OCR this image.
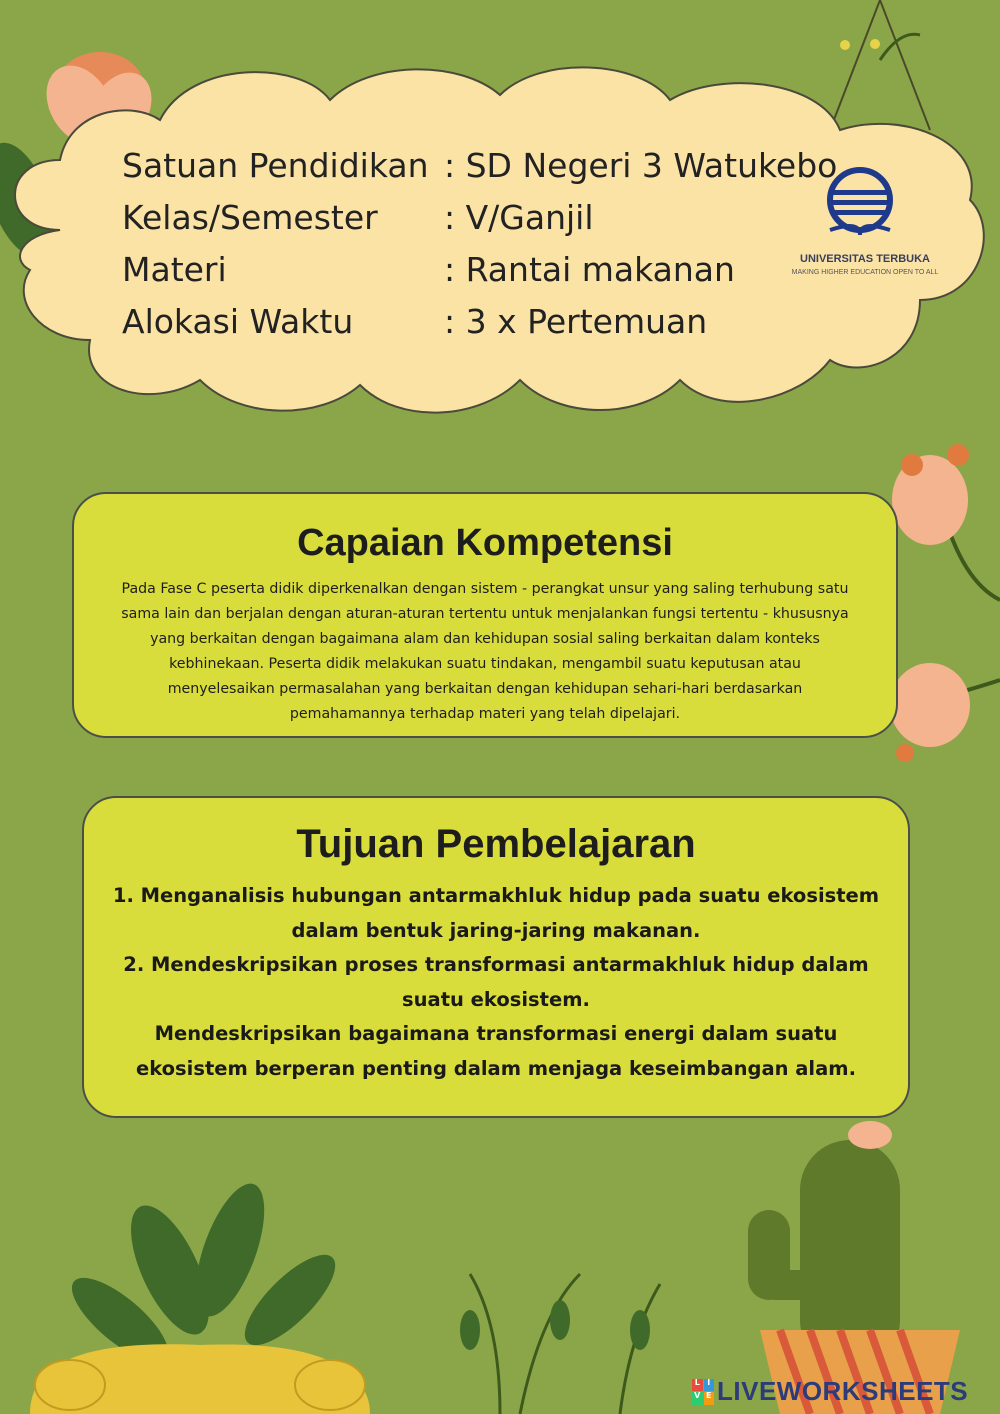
Satuan Pendidikan : SD Negeri 3 Watukebo
Kelas/Semester	: V/Ganjil
Materi	: Rantai makanan
Alokasi Waktu	: 3 x Pertemuan
UNIVERSITAS TERBUKA
MAKING HIGHER EDUCATION OPEN TO ALL
Capaian Kompetensi
Pada Fase C peserta didik diperkenalkan dengan sistem - perangkat unsur yang saling terhubung satu sama lain dan berjalan dengan aturan-aturan tertentu untuk menjalankan fungsi tertentu - khususnya yang berkaitan dengan bagaimana alam dan kehidupan sosial saling berkaitan dalam konteks kebhinekaan. Peserta didik melakukan suatu tindakan, mengambil suatu keputusan atau menyelesaikan permasalahan yang berkaitan dengan kehidupan sehari-hari berdasarkan pemahamannya terhadap materi yang telah dipelajari.
Tujuan Pembelajaran
1. Menganalisis hubungan antarmakhluk hidup pada suatu ekosistem dalam bentuk jaring-jaring makanan.
2. Mendeskripsikan proses transformasi antarmakhluk hidup dalam suatu ekosistem.
Mendeskripsikan bagaimana transformasi energi dalam suatu ekosistem berperan penting dalam menjaga keseimbangan alam.
L I
V E LIVEWORKSHEETS
